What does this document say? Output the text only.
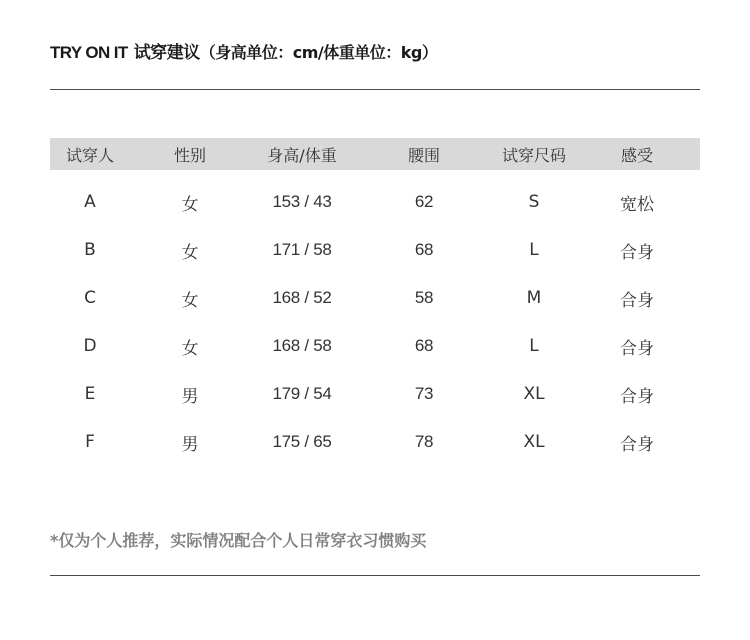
TRY ON IT 试穿建议（身高单位：cm/体重单位：kg）
试穿人	性别	身高/体重	腰围	试穿尺码	感受
A	女	153 / 43	62	S	宽松
B	女	171 / 58	68	L	合身
C	女	168 / 52	58	M	合身
D	女	168 / 58	68	L	合身
E	男	179 / 54	73	XL	合身
F	男	175 / 65	78	XL	合身
*仅为个人推荐，实际情况配合个人日常穿衣习惯购买
